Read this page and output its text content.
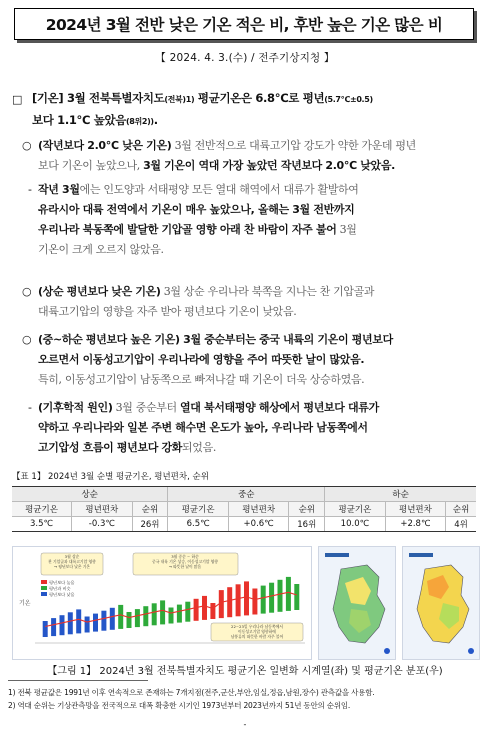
2024년 3월 전반 낮은 기온 적은 비, 후반 높은 기온 많은 비
【 2024. 4. 3.(수) / 전주기상지청 】
□ [기온] 3월 전북특별자치도(전북)1) 평균기온은 6.8℃로 평년(5.7℃±0.5)
보다 1.1℃ 높았음(8위2)).
○ (작년보다 2.0℃ 낮은 기온) 3월 전반적으로 대륙고기압 강도가 약한 가운데 평년
보다 기온이 높았으나, 3월 기온이 역대 가장 높았던 작년보다 2.0℃ 낮았음.
- 작년 3월에는 인도양과 서태평양 모든 열대 해역에서 대류가 활발하여
유라시아 대륙 전역에서 기온이 매우 높았으나, 올해는 3월 전반까지
우리나라 북동쪽에 발달한 기압골 영향 아래 찬 바람이 자주 불어 3월
기온이 크게 오르지 않았음.
○ (상순 평년보다 낮은 기온) 3월 상순 우리나라 북쪽을 지나는 찬 기압골과
대륙고기압의 영향을 자주 받아 평년보다 기온이 낮았음.
○ (중~하순 평년보다 높은 기온) 3월 중순부터는 중국 내륙의 기온이 평년보다
오르면서 이동성고기압이 우리나라에 영향을 주어 따뜻한 날이 많았음.
특히, 이동성고기압이 남동쪽으로 빠져나갈 때 기온이 더욱 상승하였음.
- (기후학적 원인) 3월 중순부터 열대 북서태평양 해상에서 평년보다 대류가
약하고 우리나라와 일본 주변 해수면 온도가 높아, 우리나라 남동쪽에서
고기압성 흐름이 평년보다 강화되었음.
【표 1】 2024년 3월 순별 평균기온, 평년편차, 순위
상순			중순			하순		
평균기온	평년편차	순위	평균기온	평년편차	순위	평균기온	평년편차	순위
3.5℃	-0.3℃	26위	6.5℃	+0.6℃	16위	10.0℃	+2.8℃	4위
기온
3월 상순 찬 기압골과 대륙고기압 영향 → 평년보다 낮은 기온
3월 중순 ~ 하순 중국 내륙 기온 상승, 이동성고기압 영향 → 따뜻한 날이 많음
22~23일 우리나라 남동쪽에서 이동성고기압 영향하에 남풍류의 따뜻한 바람 자주 불어
평년보다 높음
평년과 비슷
평년보다 낮음
【그림 1】 2024년 3월 전북특별자치도 평균기온 일변화 시계열(좌) 및 평균기온 분포(우)
1) 전북 평균값은 1991년 이후 연속적으로 존재하는 7개지점(전주,군산,부안,임실,정읍,남원,장수) 관측값을 사용함.
2) 역대 순위는 기상관측망을 전국적으로 대폭 확충한 시기인 1973년부터 2023년까지 51년 동안의 순위임.
-
